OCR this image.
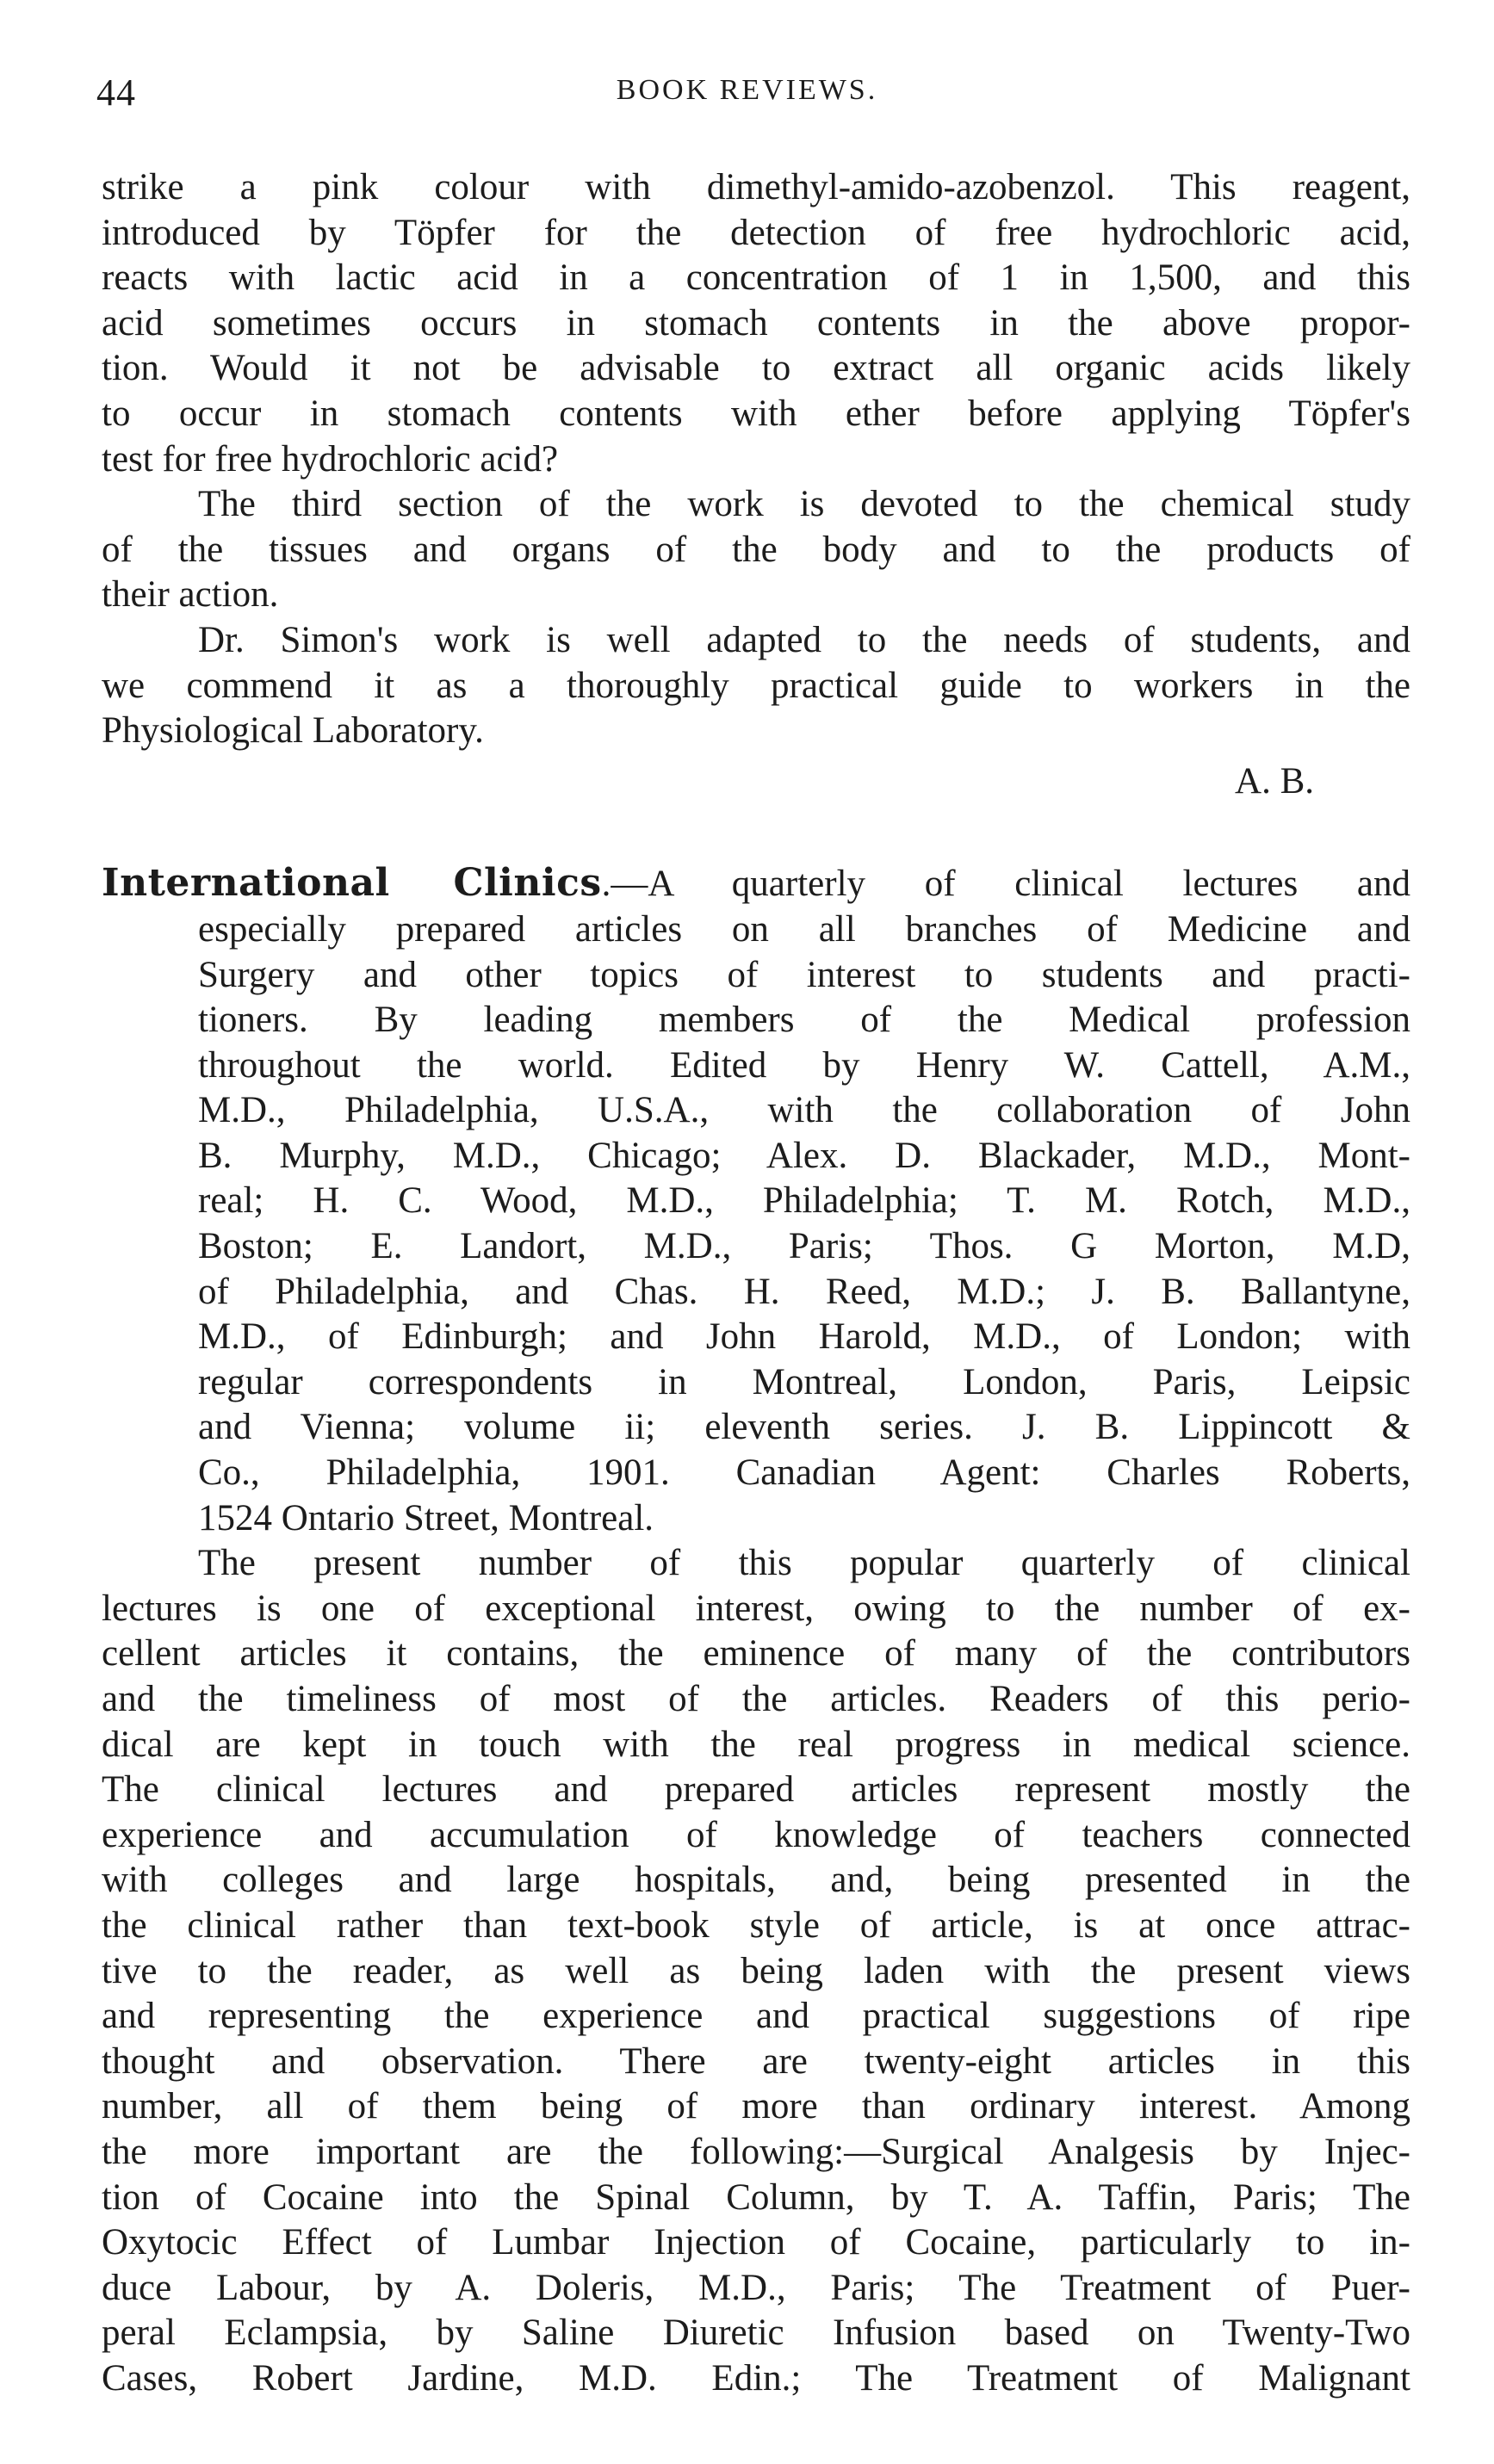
44	BOOK REVIEWS.
strike a pink colour with dimethyl-amido-azobenzol. This reagent,
introduced by Töpfer for the detection of free hydrochloric acid,
reacts with lactic acid in a concentration of 1 in 1,500, and this
acid sometimes occurs in stomach contents in the above propor-
tion. Would it not be advisable to extract all organic acids likely
to occur in stomach contents with ether before applying Töpfer's
test for free hydrochloric acid?
The third section of the work is devoted to the chemical study
of the tissues and organs of the body and to the products of
their action.
Dr. Simon's work is well adapted to the needs of students, and
we commend it as a thoroughly practical guide to workers in the
Physiological Laboratory.
A. B.
International Clinics.—A quarterly of clinical lectures and
especially prepared articles on all branches of Medicine and
Surgery and other topics of interest to students and practi-
tioners. By leading members of the Medical profession
throughout the world. Edited by Henry W. Cattell, A.M.,
M.D., Philadelphia, U.S.A., with the collaboration of John
B. Murphy, M.D., Chicago; Alex. D. Blackader, M.D., Mont-
real; H. C. Wood, M.D., Philadelphia; T. M. Rotch, M.D.,
Boston; E. Landort, M.D., Paris; Thos. G Morton, M.D,
of Philadelphia, and Chas. H. Reed, M.D.; J. B. Ballantyne,
M.D., of Edinburgh; and John Harold, M.D., of London; with
regular correspondents in Montreal, London, Paris, Leipsic
and Vienna; volume ii; eleventh series. J. B. Lippincott &
Co., Philadelphia, 1901. Canadian Agent: Charles Roberts,
1524 Ontario Street, Montreal.
The present number of this popular quarterly of clinical
lectures is one of exceptional interest, owing to the number of ex-
cellent articles it contains, the eminence of many of the contributors
and the timeliness of most of the articles. Readers of this perio-
dical are kept in touch with the real progress in medical science.
The clinical lectures and prepared articles represent mostly the
experience and accumulation of knowledge of teachers connected
with colleges and large hospitals, and, being presented in the
the clinical rather than text-book style of article, is at once attrac-
tive to the reader, as well as being laden with the present views
and representing the experience and practical suggestions of ripe
thought and observation. There are twenty-eight articles in this
number, all of them being of more than ordinary interest. Among
the more important are the following:—Surgical Analgesis by Injec-
tion of Cocaine into the Spinal Column, by T. A. Taffin, Paris; The
Oxytocic Effect of Lumbar Injection of Cocaine, particularly to in-
duce Labour, by A. Doleris, M.D., Paris; The Treatment of Puer-
peral Eclampsia, by Saline Diuretic Infusion based on Twenty-Two
Cases, Robert Jardine, M.D. Edin.; The Treatment of Malignant
